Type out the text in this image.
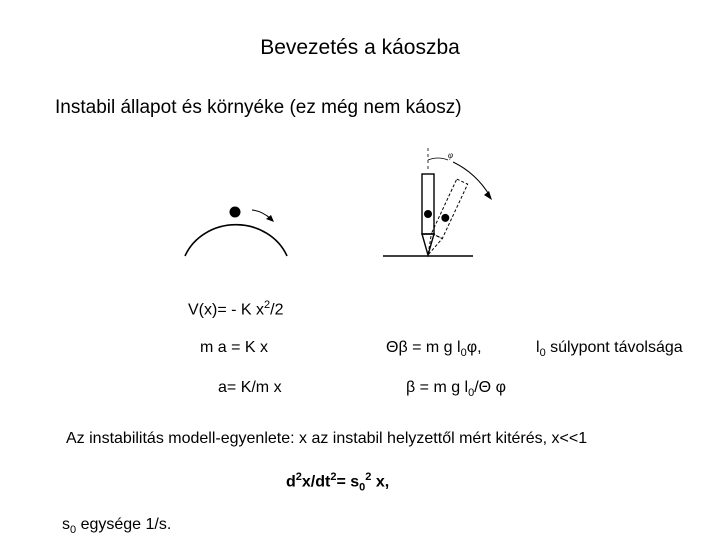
Bevezetés a káoszba
Instabil állapot és környéke (ez még nem káosz)
φ
V(x)= - K $x^2/2$
m a = K x	Θβ = m g $l_0\varphi$,	$l_0$ súlypont távolsága
a= K/m x	β = m g $l_0/\Theta$ φ
Az instabilitás modell-egyenlete: x az instabil helyzettől mért kitérés, x<<1
$d^2x/dt^2= s_0^2$ x,
$s_0$ egysége 1/s.
